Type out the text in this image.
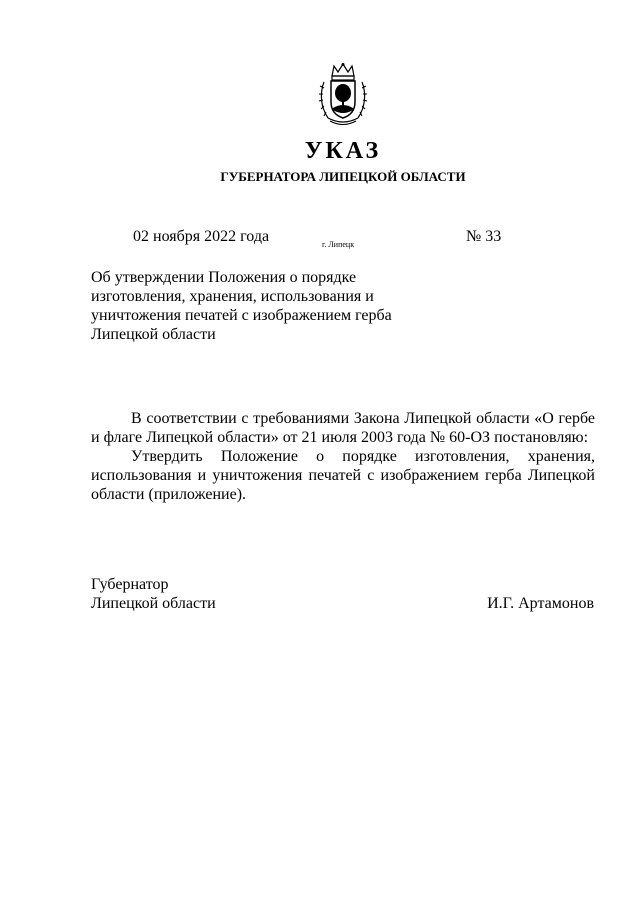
УКАЗ
ГУБЕРНАТОРА ЛИПЕЦКОЙ ОБЛАСТИ
02 ноября 2022 года	г. Липецк	№ 33
Об утверждении Положения о порядке
изготовления, хранения, использования и
уничтожения печатей с изображением герба
Липецкой области

В соответствии с требованиями Закона Липецкой области «О гербе и флаге Липецкой области» от 21 июля 2003 года № 60-ОЗ постановляю:

Утвердить Положение о порядке изготовления, хранения, использования и уничтожения печатей с изображением герба Липецкой области (приложение).

Губернатор
Липецкой области	И.Г. Артамонов
